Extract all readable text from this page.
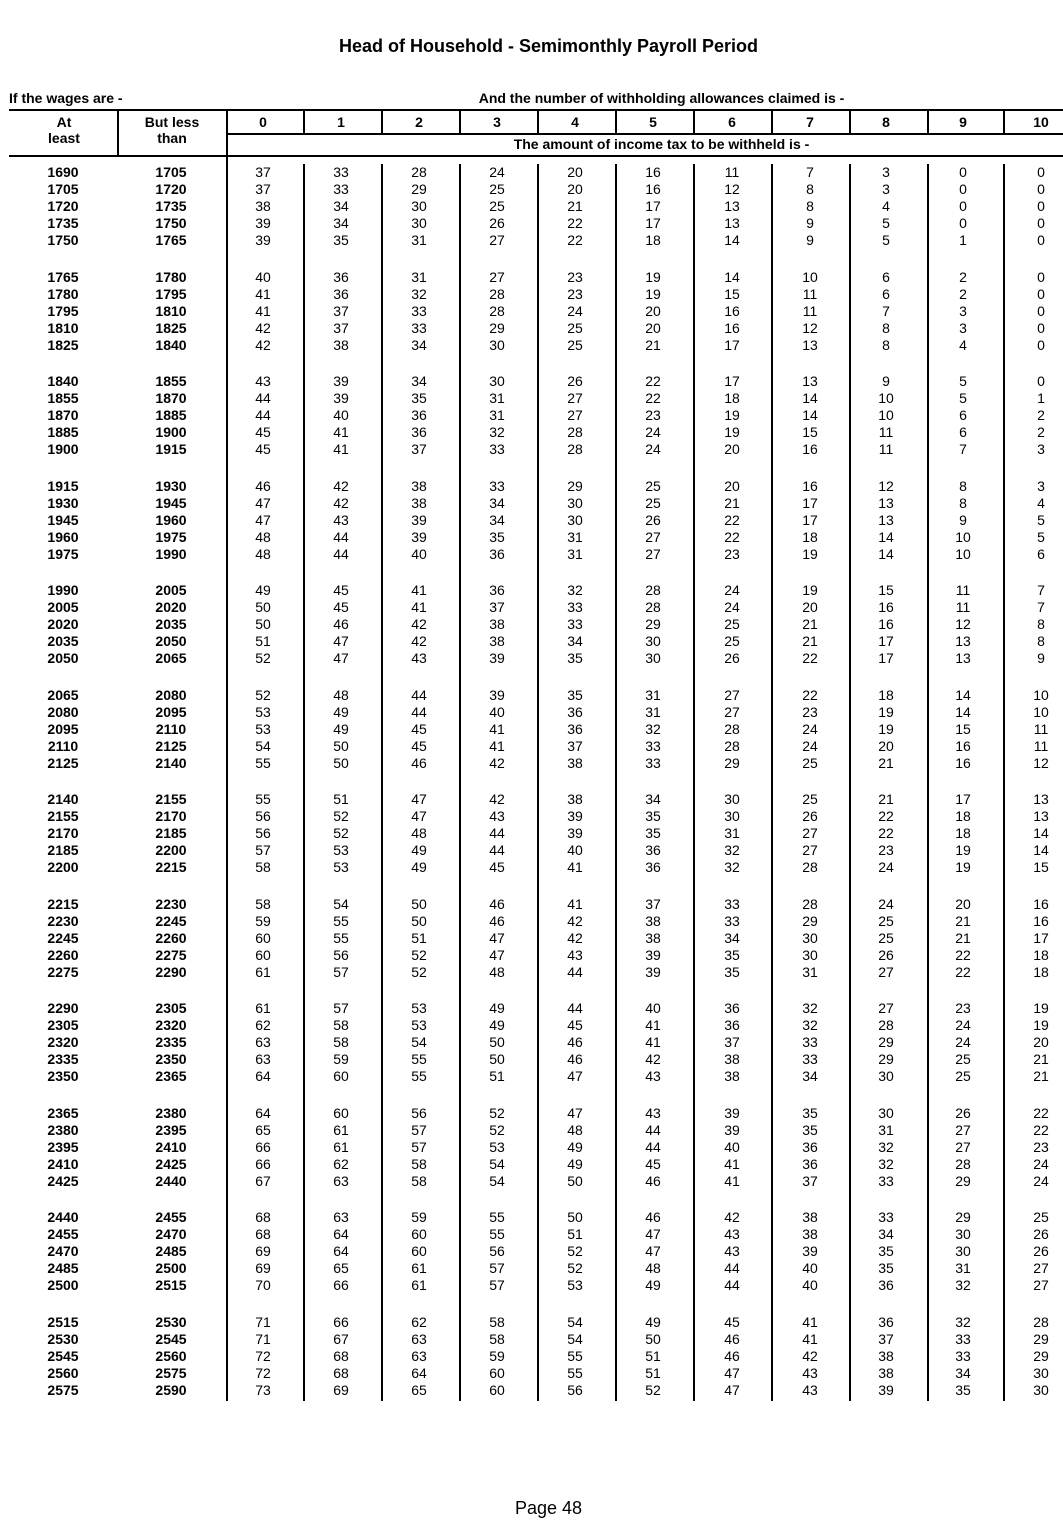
Head of Household - Semimonthly Payroll Period
If the wages are -	And the number of withholding allowances claimed is -
At
least
But less
than
0	1	2	3	4	5	6	7	8	9	10
The amount of income tax to be withheld is -
1690	1705	37	33	28	24	20	16	11	7	3	0	0
1705	1720	37	33	29	25	20	16	12	8	3	0	0
1720	1735	38	34	30	25	21	17	13	8	4	0	0
1735	1750	39	34	30	26	22	17	13	9	5	0	0
1750	1765	39	35	31	27	22	18	14	9	5	1	0
1765	1780	40	36	31	27	23	19	14	10	6	2	0
1780	1795	41	36	32	28	23	19	15	11	6	2	0
1795	1810	41	37	33	28	24	20	16	11	7	3	0
1810	1825	42	37	33	29	25	20	16	12	8	3	0
1825	1840	42	38	34	30	25	21	17	13	8	4	0
1840	1855	43	39	34	30	26	22	17	13	9	5	0
1855	1870	44	39	35	31	27	22	18	14	10	5	1
1870	1885	44	40	36	31	27	23	19	14	10	6	2
1885	1900	45	41	36	32	28	24	19	15	11	6	2
1900	1915	45	41	37	33	28	24	20	16	11	7	3
1915	1930	46	42	38	33	29	25	20	16	12	8	3
1930	1945	47	42	38	34	30	25	21	17	13	8	4
1945	1960	47	43	39	34	30	26	22	17	13	9	5
1960	1975	48	44	39	35	31	27	22	18	14	10	5
1975	1990	48	44	40	36	31	27	23	19	14	10	6
1990	2005	49	45	41	36	32	28	24	19	15	11	7
2005	2020	50	45	41	37	33	28	24	20	16	11	7
2020	2035	50	46	42	38	33	29	25	21	16	12	8
2035	2050	51	47	42	38	34	30	25	21	17	13	8
2050	2065	52	47	43	39	35	30	26	22	17	13	9
2065	2080	52	48	44	39	35	31	27	22	18	14	10
2080	2095	53	49	44	40	36	31	27	23	19	14	10
2095	2110	53	49	45	41	36	32	28	24	19	15	11
2110	2125	54	50	45	41	37	33	28	24	20	16	11
2125	2140	55	50	46	42	38	33	29	25	21	16	12
2140	2155	55	51	47	42	38	34	30	25	21	17	13
2155	2170	56	52	47	43	39	35	30	26	22	18	13
2170	2185	56	52	48	44	39	35	31	27	22	18	14
2185	2200	57	53	49	44	40	36	32	27	23	19	14
2200	2215	58	53	49	45	41	36	32	28	24	19	15
2215	2230	58	54	50	46	41	37	33	28	24	20	16
2230	2245	59	55	50	46	42	38	33	29	25	21	16
2245	2260	60	55	51	47	42	38	34	30	25	21	17
2260	2275	60	56	52	47	43	39	35	30	26	22	18
2275	2290	61	57	52	48	44	39	35	31	27	22	18
2290	2305	61	57	53	49	44	40	36	32	27	23	19
2305	2320	62	58	53	49	45	41	36	32	28	24	19
2320	2335	63	58	54	50	46	41	37	33	29	24	20
2335	2350	63	59	55	50	46	42	38	33	29	25	21
2350	2365	64	60	55	51	47	43	38	34	30	25	21
2365	2380	64	60	56	52	47	43	39	35	30	26	22
2380	2395	65	61	57	52	48	44	39	35	31	27	22
2395	2410	66	61	57	53	49	44	40	36	32	27	23
2410	2425	66	62	58	54	49	45	41	36	32	28	24
2425	2440	67	63	58	54	50	46	41	37	33	29	24
2440	2455	68	63	59	55	50	46	42	38	33	29	25
2455	2470	68	64	60	55	51	47	43	38	34	30	26
2470	2485	69	64	60	56	52	47	43	39	35	30	26
2485	2500	69	65	61	57	52	48	44	40	35	31	27
2500	2515	70	66	61	57	53	49	44	40	36	32	27
2515	2530	71	66	62	58	54	49	45	41	36	32	28
2530	2545	71	67	63	58	54	50	46	41	37	33	29
2545	2560	72	68	63	59	55	51	46	42	38	33	29
2560	2575	72	68	64	60	55	51	47	43	38	34	30
2575	2590	73	69	65	60	56	52	47	43	39	35	30
Page 48
